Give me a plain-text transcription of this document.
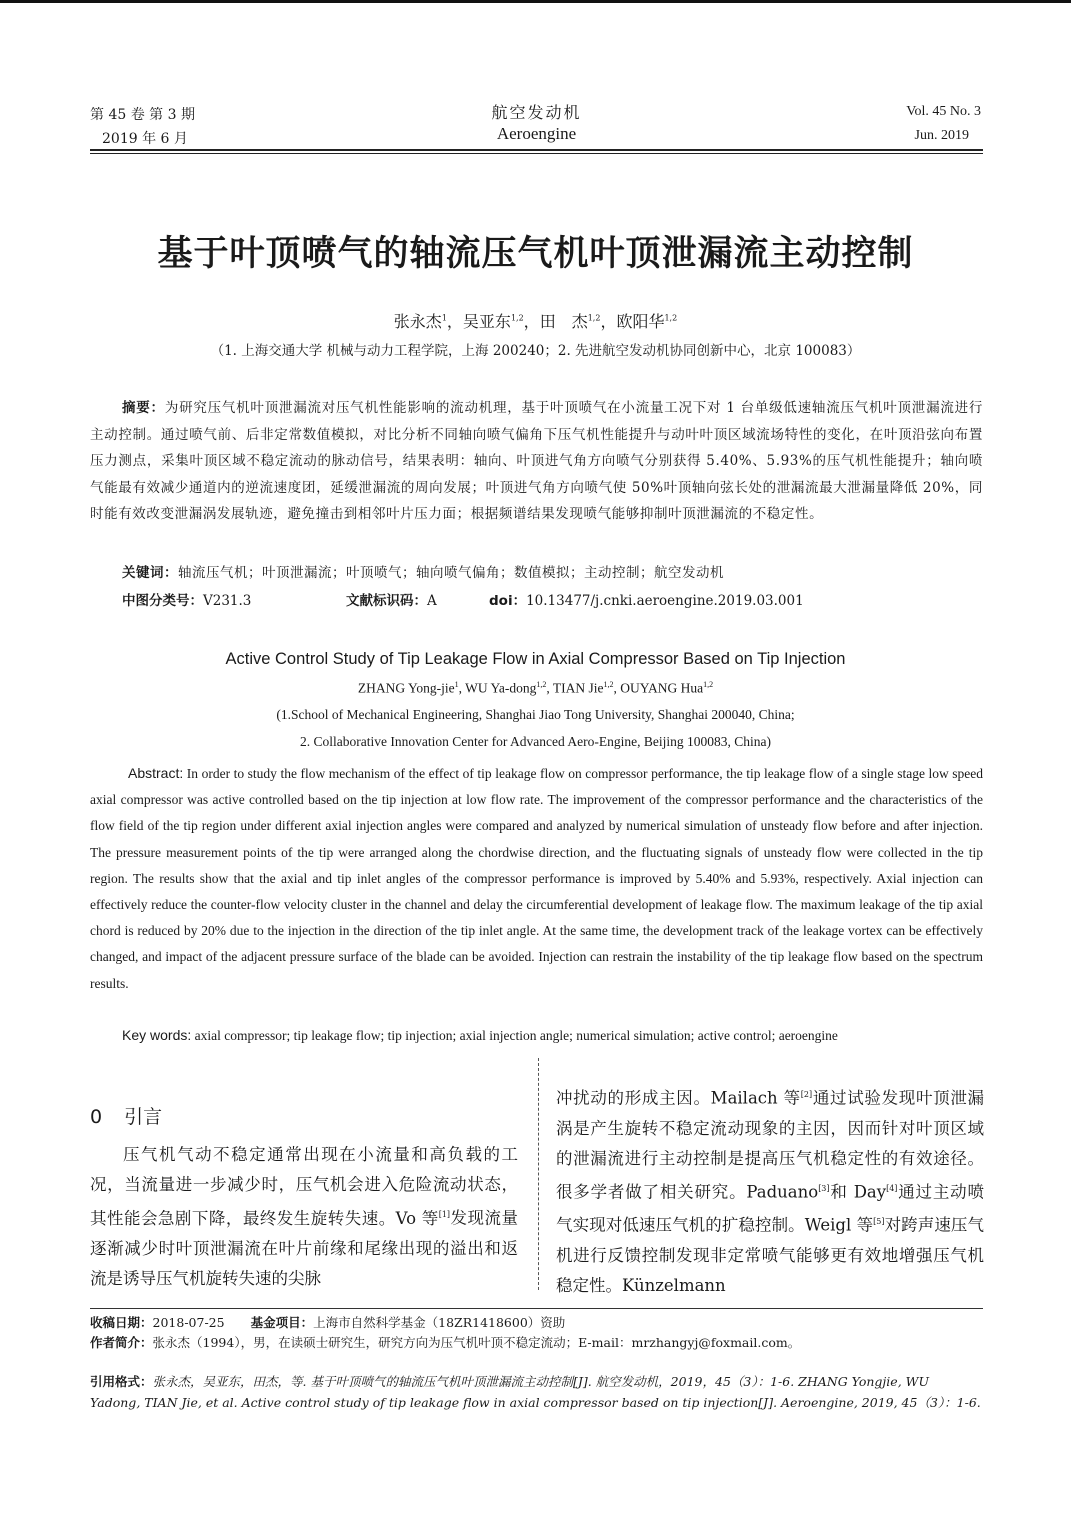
第 45 卷 第 3 期
2019 年 6 月
航空发动机
Aeroengine
Vol. 45 No. 3
Jun. 2019
基于叶顶喷气的轴流压气机叶顶泄漏流主动控制
张永杰$^1$，吴亚东$^{1,2}$，田　杰$^{1,2}$，欧阳华$^{1,2}$
（1. 上海交通大学 机械与动力工程学院，上海 200240；2. 先进航空发动机协同创新中心，北京 100083）
摘要：为研究压气机叶顶泄漏流对压气机性能影响的流动机理，基于叶顶喷气在小流量工况下对 1 台单级低速轴流压气机叶顶泄漏流进行主动控制。通过喷气前、后非定常数值模拟，对比分析不同轴向喷气偏角下压气机性能提升与动叶叶顶区域流场特性的变化，在叶顶沿弦向布置压力测点，采集叶顶区域不稳定流动的脉动信号，结果表明：轴向、叶顶进气角方向喷气分别获得 5.40%、5.93%的压气机性能提升；轴向喷气能最有效减少通道内的逆流速度团，延缓泄漏流的周向发展；叶顶进气角方向喷气使 50%叶顶轴向弦长处的泄漏流最大泄漏量降低 20%，同时能有效改变泄漏涡发展轨迹，避免撞击到相邻叶片压力面；根据频谱结果发现喷气能够抑制叶顶泄漏流的不稳定性。
关键词：轴流压气机；叶顶泄漏流；叶顶喷气；轴向喷气偏角；数值模拟；主动控制；航空发动机
中图分类号：V231.3	文献标识码：A	doi：10.13477/j.cnki.aeroengine.2019.03.001
Active Control Study of Tip Leakage Flow in Axial Compressor Based on Tip Injection
ZHANG Yong-jie$^1$, WU Ya-dong$^{1,2}$, TIAN Jie$^{1,2}$, OUYANG Hua$^{1,2}$
(1.School of Mechanical Engineering, Shanghai Jiao Tong University, Shanghai 200040, China;
2. Collaborative Innovation Center for Advanced Aero-Engine, Beijing 100083, China)
Abstract: In order to study the flow mechanism of the effect of tip leakage flow on compressor performance, the tip leakage flow of a single stage low speed axial compressor was active controlled based on the tip injection at low flow rate. The improvement of the compressor performance and the characteristics of the flow field of the tip region under different axial injection angles were compared and analyzed by numerical simulation of unsteady flow before and after injection. The pressure measurement points of the tip were arranged along the chordwise direction, and the fluctuating signals of unsteady flow were collected in the tip region. The results show that the axial and tip inlet angles of the compressor performance is improved by 5.40% and 5.93%, respectively. Axial injection can effectively reduce the counter-flow velocity cluster in the channel and delay the circumferential development of leakage flow. The maximum leakage of the tip axial chord is reduced by 20% due to the injection in the direction of the tip inlet angle. At the same time, the development track of the leakage vortex can be effectively changed, and impact of the adjacent pressure surface of the blade can be avoided. Injection can restrain the instability of the tip leakage flow based on the spectrum results.
Key words: axial compressor; tip leakage flow; tip injection; axial injection angle; numerical simulation; active control; aeroengine
0 引言
压气机气动不稳定通常出现在小流量和高负载的工况，当流量进一步减少时，压气机会进入危险流动状态，其性能会急剧下降，最终发生旋转失速。Vo 等[1]发现流量逐渐减少时叶顶泄漏流在叶片前缘和尾缘出现的溢出和返流是诱导压气机旋转失速的尖脉
冲扰动的形成主因。Mailach 等[2]通过试验发现叶顶泄漏涡是产生旋转不稳定流动现象的主因，因而针对叶顶区域的泄漏流进行主动控制是提高压气机稳定性的有效途径。很多学者做了相关研究。Paduano[3]和 Day[4]通过主动喷气实现对低速压气机的扩稳控制。Weigl 等[5]对跨声速压气机进行反馈控制发现非定常喷气能够更有效地增强压气机稳定性。Künzelmann
收稿日期：2018-07-25 基金项目：上海市自然科学基金（18ZR1418600）资助
作者简介：张永杰（1994），男，在读硕士研究生，研究方向为压气机叶顶不稳定流动；E-mail：mrzhangyj@foxmail.com。
引用格式：张永杰，吴亚东，田杰，等. 基于叶顶喷气的轴流压气机叶顶泄漏流主动控制[J]. 航空发动机，2019，45（3）：1-6. ZHANG Yongjie, WU Yadong, TIAN Jie, et al. Active control study of tip leakage flow in axial compressor based on tip injection[J]. Aeroengine, 2019, 45（3）：1-6.
